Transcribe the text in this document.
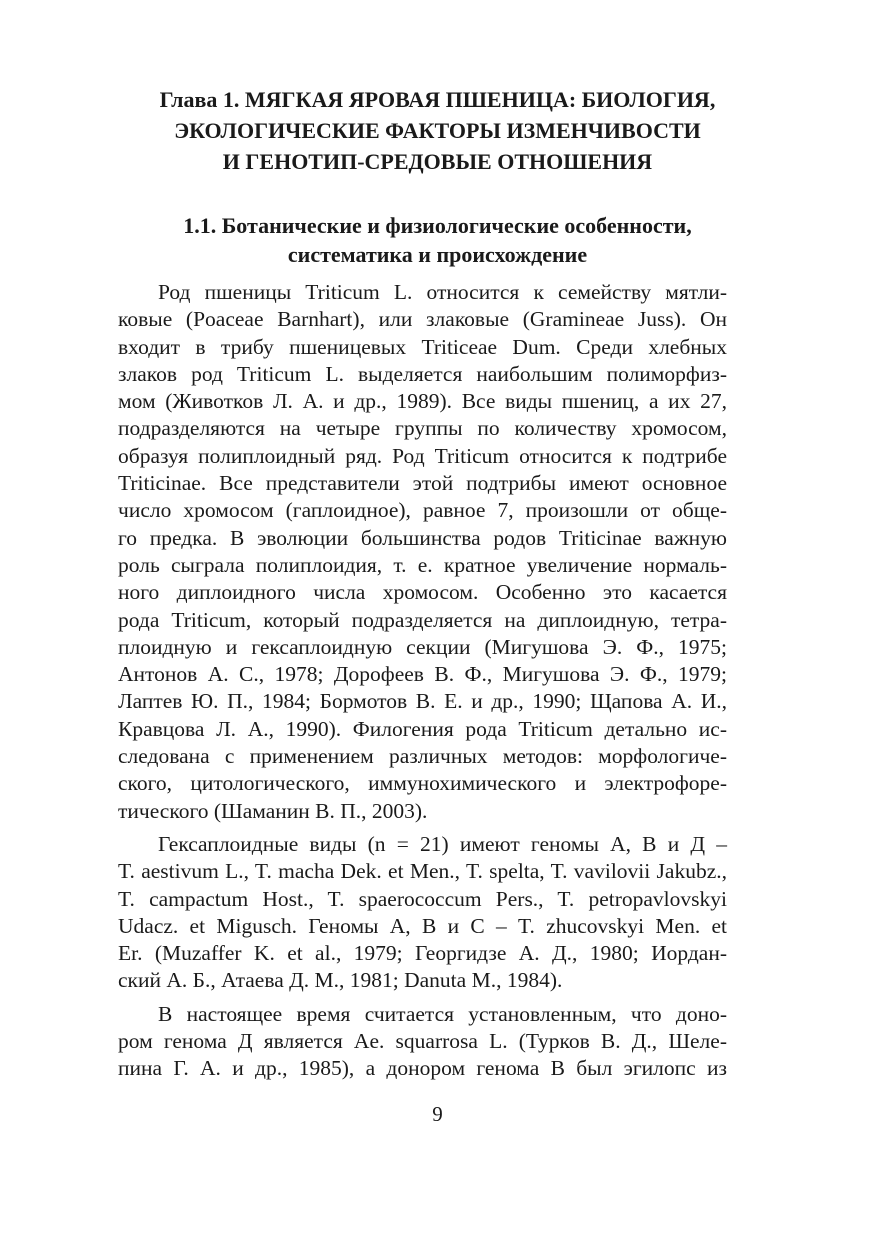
Глава 1. МЯГКАЯ ЯРОВАЯ ПШЕНИЦА: БИОЛОГИЯ,
ЭКОЛОГИЧЕСКИЕ ФАКТОРЫ ИЗМЕНЧИВОСТИ
И ГЕНОТИП-СРЕДОВЫЕ ОТНОШЕНИЯ
1.1. Ботанические и физиологические особенности,
систематика и происхождение
Род пшеницы Triticum L. относится к семейству мятли-
ковые (Poaceae Barnhart), или злаковые (Gramineae Juss). Он
входит в трибу пшеницевых Triticeae Dum. Среди хлебных
злаков род Triticum L. выделяется наибольшим полиморфиз-
мом (Животков Л. А. и др., 1989). Все виды пшениц, а их 27,
подразделяются на четыре группы по количеству хромосом,
образуя полиплоидный ряд. Род Triticum относится к подтрибе
Triticinae. Все представители этой подтрибы имеют основное
число хромосом (гаплоидное), равное 7, произошли от обще-
го предка. В эволюции большинства родов Triticinae важную
роль сыграла полиплоидия, т. е. кратное увеличение нормаль-
ного диплоидного числа хромосом. Особенно это касается
рода Triticum, который подразделяется на диплоидную, тетра-
плоидную и гексаплоидную секции (Мигушова Э. Ф., 1975;
Антонов А. С., 1978; Дорофеев В. Ф., Мигушова Э. Ф., 1979;
Лаптев Ю. П., 1984; Бормотов В. Е. и др., 1990; Щапова А. И.,
Кравцова Л. А., 1990). Филогения рода Triticum детально ис-
следована с применением различных методов: морфологиче-
ского, цитологического, иммунохимического и электрофоре-
тического (Шаманин В. П., 2003).
Гексаплоидные виды (n = 21) имеют геномы А, В и Д –
T. aestivum L., T. macha Dek. et Men., T. spelta, T. vavilovii Jakubz.,
T. campactum Host., T. spaerococcum Pers., T. petropavlovskyi
Udacz. et Migusch. Геномы А, В и С – T. zhucovskyi Men. et
Er. (Muzaffer K. et al., 1979; Георгидзе А. Д., 1980; Иордан-
ский А. Б., Атаева Д. М., 1981; Danuta M., 1984).
В настоящее время считается установленным, что доно-
ром генома Д является Ae. squarrosa L. (Турков В. Д., Шеле-
пина Г. А. и др., 1985), а донором генома В был эгилопс из
9
